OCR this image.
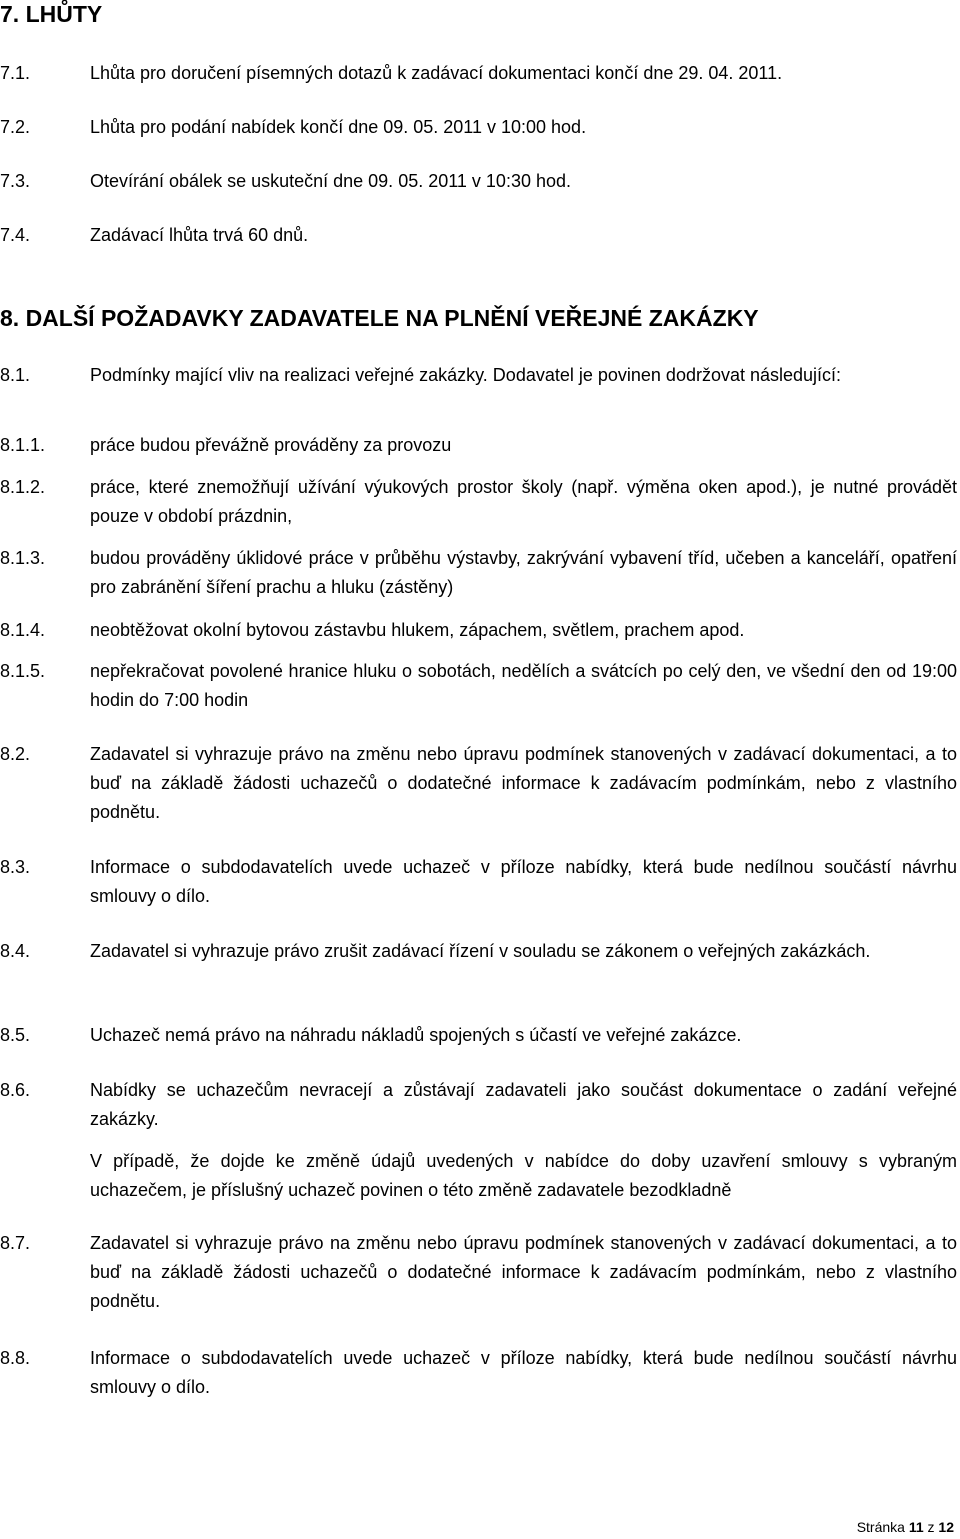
7. LHŮTY
7.1.	Lhůta pro doručení písemných dotazů k zadávací dokumentaci končí dne 29. 04. 2011.

7.2.	Lhůta pro podání nabídek končí dne 09. 05. 2011 v 10:00 hod.

7.3.	Otevírání obálek se uskuteční dne 09. 05. 2011 v 10:30 hod.

7.4.	Zadávací lhůta trvá 60 dnů.

8. DALŠÍ POŽADAVKY ZADAVATELE NA PLNĚNÍ VEŘEJNÉ ZAKÁZKY
8.1.	Podmínky mající vliv na realizaci veřejné zakázky. Dodavatel je povinen dodržovat následující:

8.1.1. práce budou převážně prováděny za provozu

8.1.2. práce, které znemožňují užívání výukových prostor školy (např. výměna oken apod.), je nutné provádět pouze v období prázdnin,

8.1.3. budou prováděny úklidové práce v průběhu výstavby, zakrývání vybavení tříd, učeben a kanceláří, opatření pro zabránění šíření prachu a hluku (zástěny)

8.1.4. neobtěžovat okolní bytovou zástavbu hlukem, zápachem, světlem, prachem apod.

8.1.5. nepřekračovat povolené hranice hluku o sobotách, nedělích a svátcích po celý den, ve všední den od 19:00 hodin do 7:00 hodin

8.2.	Zadavatel si vyhrazuje právo na změnu nebo úpravu podmínek stanovených v zadávací dokumentaci, a to buď na základě žádosti uchazečů o dodatečné informace k zadávacím podmínkám, nebo z vlastního podnětu.

8.3.	Informace o subdodavatelích uvede uchazeč v příloze nabídky, která bude nedílnou součástí návrhu smlouvy o dílo.

8.4.	Zadavatel si vyhrazuje právo zrušit zadávací řízení v souladu se zákonem o veřejných zakázkách.

8.5.	Uchazeč nemá právo na náhradu nákladů spojených s účastí ve veřejné zakázce.

8.6.	Nabídky se uchazečům nevracejí a zůstávají zadavateli jako součást dokumentace o zadání veřejné zakázky.

V případě, že dojde ke změně údajů uvedených v nabídce do doby uzavření smlouvy s vybraným uchazečem, je příslušný uchazeč povinen o této změně zadavatele bezodkladně

8.7.	Zadavatel si vyhrazuje právo na změnu nebo úpravu podmínek stanovených v zadávací dokumentaci, a to buď na základě žádosti uchazečů o dodatečné informace k zadávacím podmínkám, nebo z vlastního podnětu.

8.8.	Informace o subdodavatelích uvede uchazeč v příloze nabídky, která bude nedílnou součástí návrhu smlouvy o dílo.

Stránka 11 z 12
